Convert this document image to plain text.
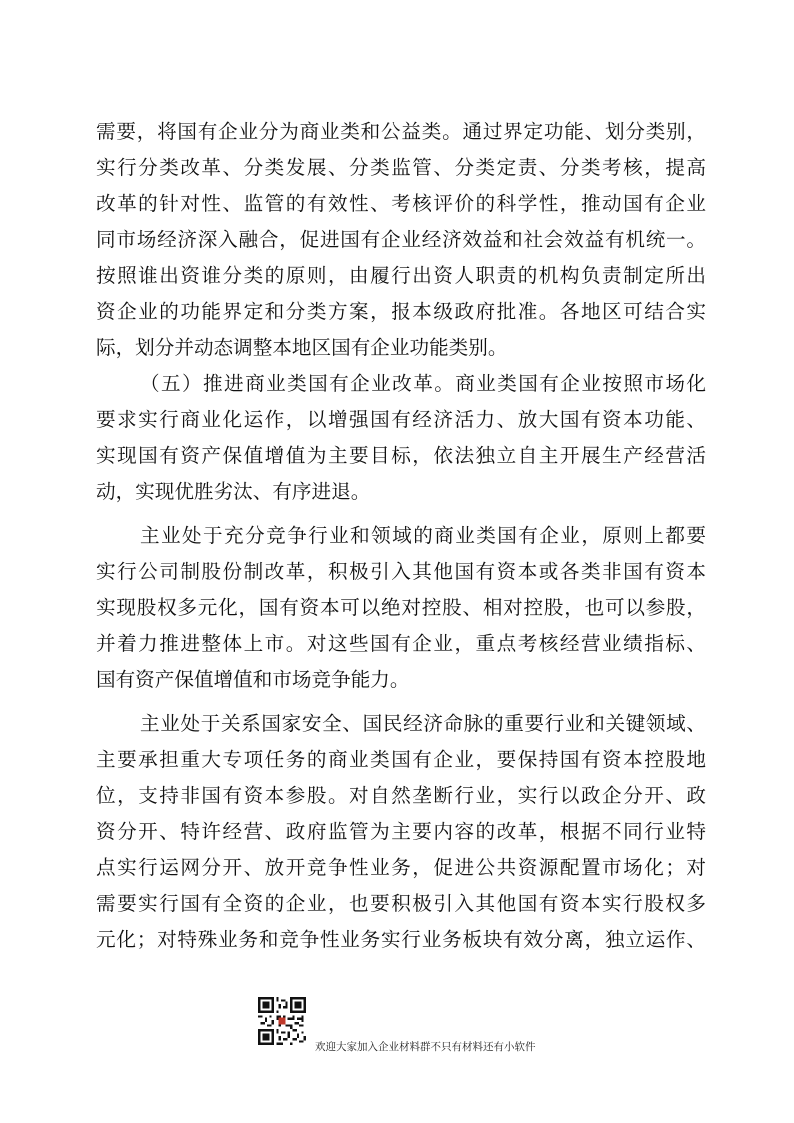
需要，将国有企业分为商业类和公益类。通过界定功能、划分类别，
实行分类改革、分类发展、分类监管、分类定责、分类考核，提高
改革的针对性、监管的有效性、考核评价的科学性，推动国有企业
同市场经济深入融合，促进国有企业经济效益和社会效益有机统一。
按照谁出资谁分类的原则，由履行出资人职责的机构负责制定所出
资企业的功能界定和分类方案，报本级政府批准。各地区可结合实
际，划分并动态调整本地区国有企业功能类别。
（五）推进商业类国有企业改革。商业类国有企业按照市场化
要求实行商业化运作，以增强国有经济活力、放大国有资本功能、
实现国有资产保值增值为主要目标，依法独立自主开展生产经营活
动，实现优胜劣汰、有序进退。
主业处于充分竞争行业和领域的商业类国有企业，原则上都要
实行公司制股份制改革，积极引入其他国有资本或各类非国有资本
实现股权多元化，国有资本可以绝对控股、相对控股，也可以参股，
并着力推进整体上市。对这些国有企业，重点考核经营业绩指标、
国有资产保值增值和市场竞争能力。
主业处于关系国家安全、国民经济命脉的重要行业和关键领域、
主要承担重大专项任务的商业类国有企业，要保持国有资本控股地
位，支持非国有资本参股。对自然垄断行业，实行以政企分开、政
资分开、特许经营、政府监管为主要内容的改革，根据不同行业特
点实行运网分开、放开竞争性业务，促进公共资源配置市场化；对
需要实行国有全资的企业，也要积极引入其他国有资本实行股权多
元化；对特殊业务和竞争性业务实行业务板块有效分离，独立运作、
欢迎大家加入企业材料群不只有材料还有小软件
